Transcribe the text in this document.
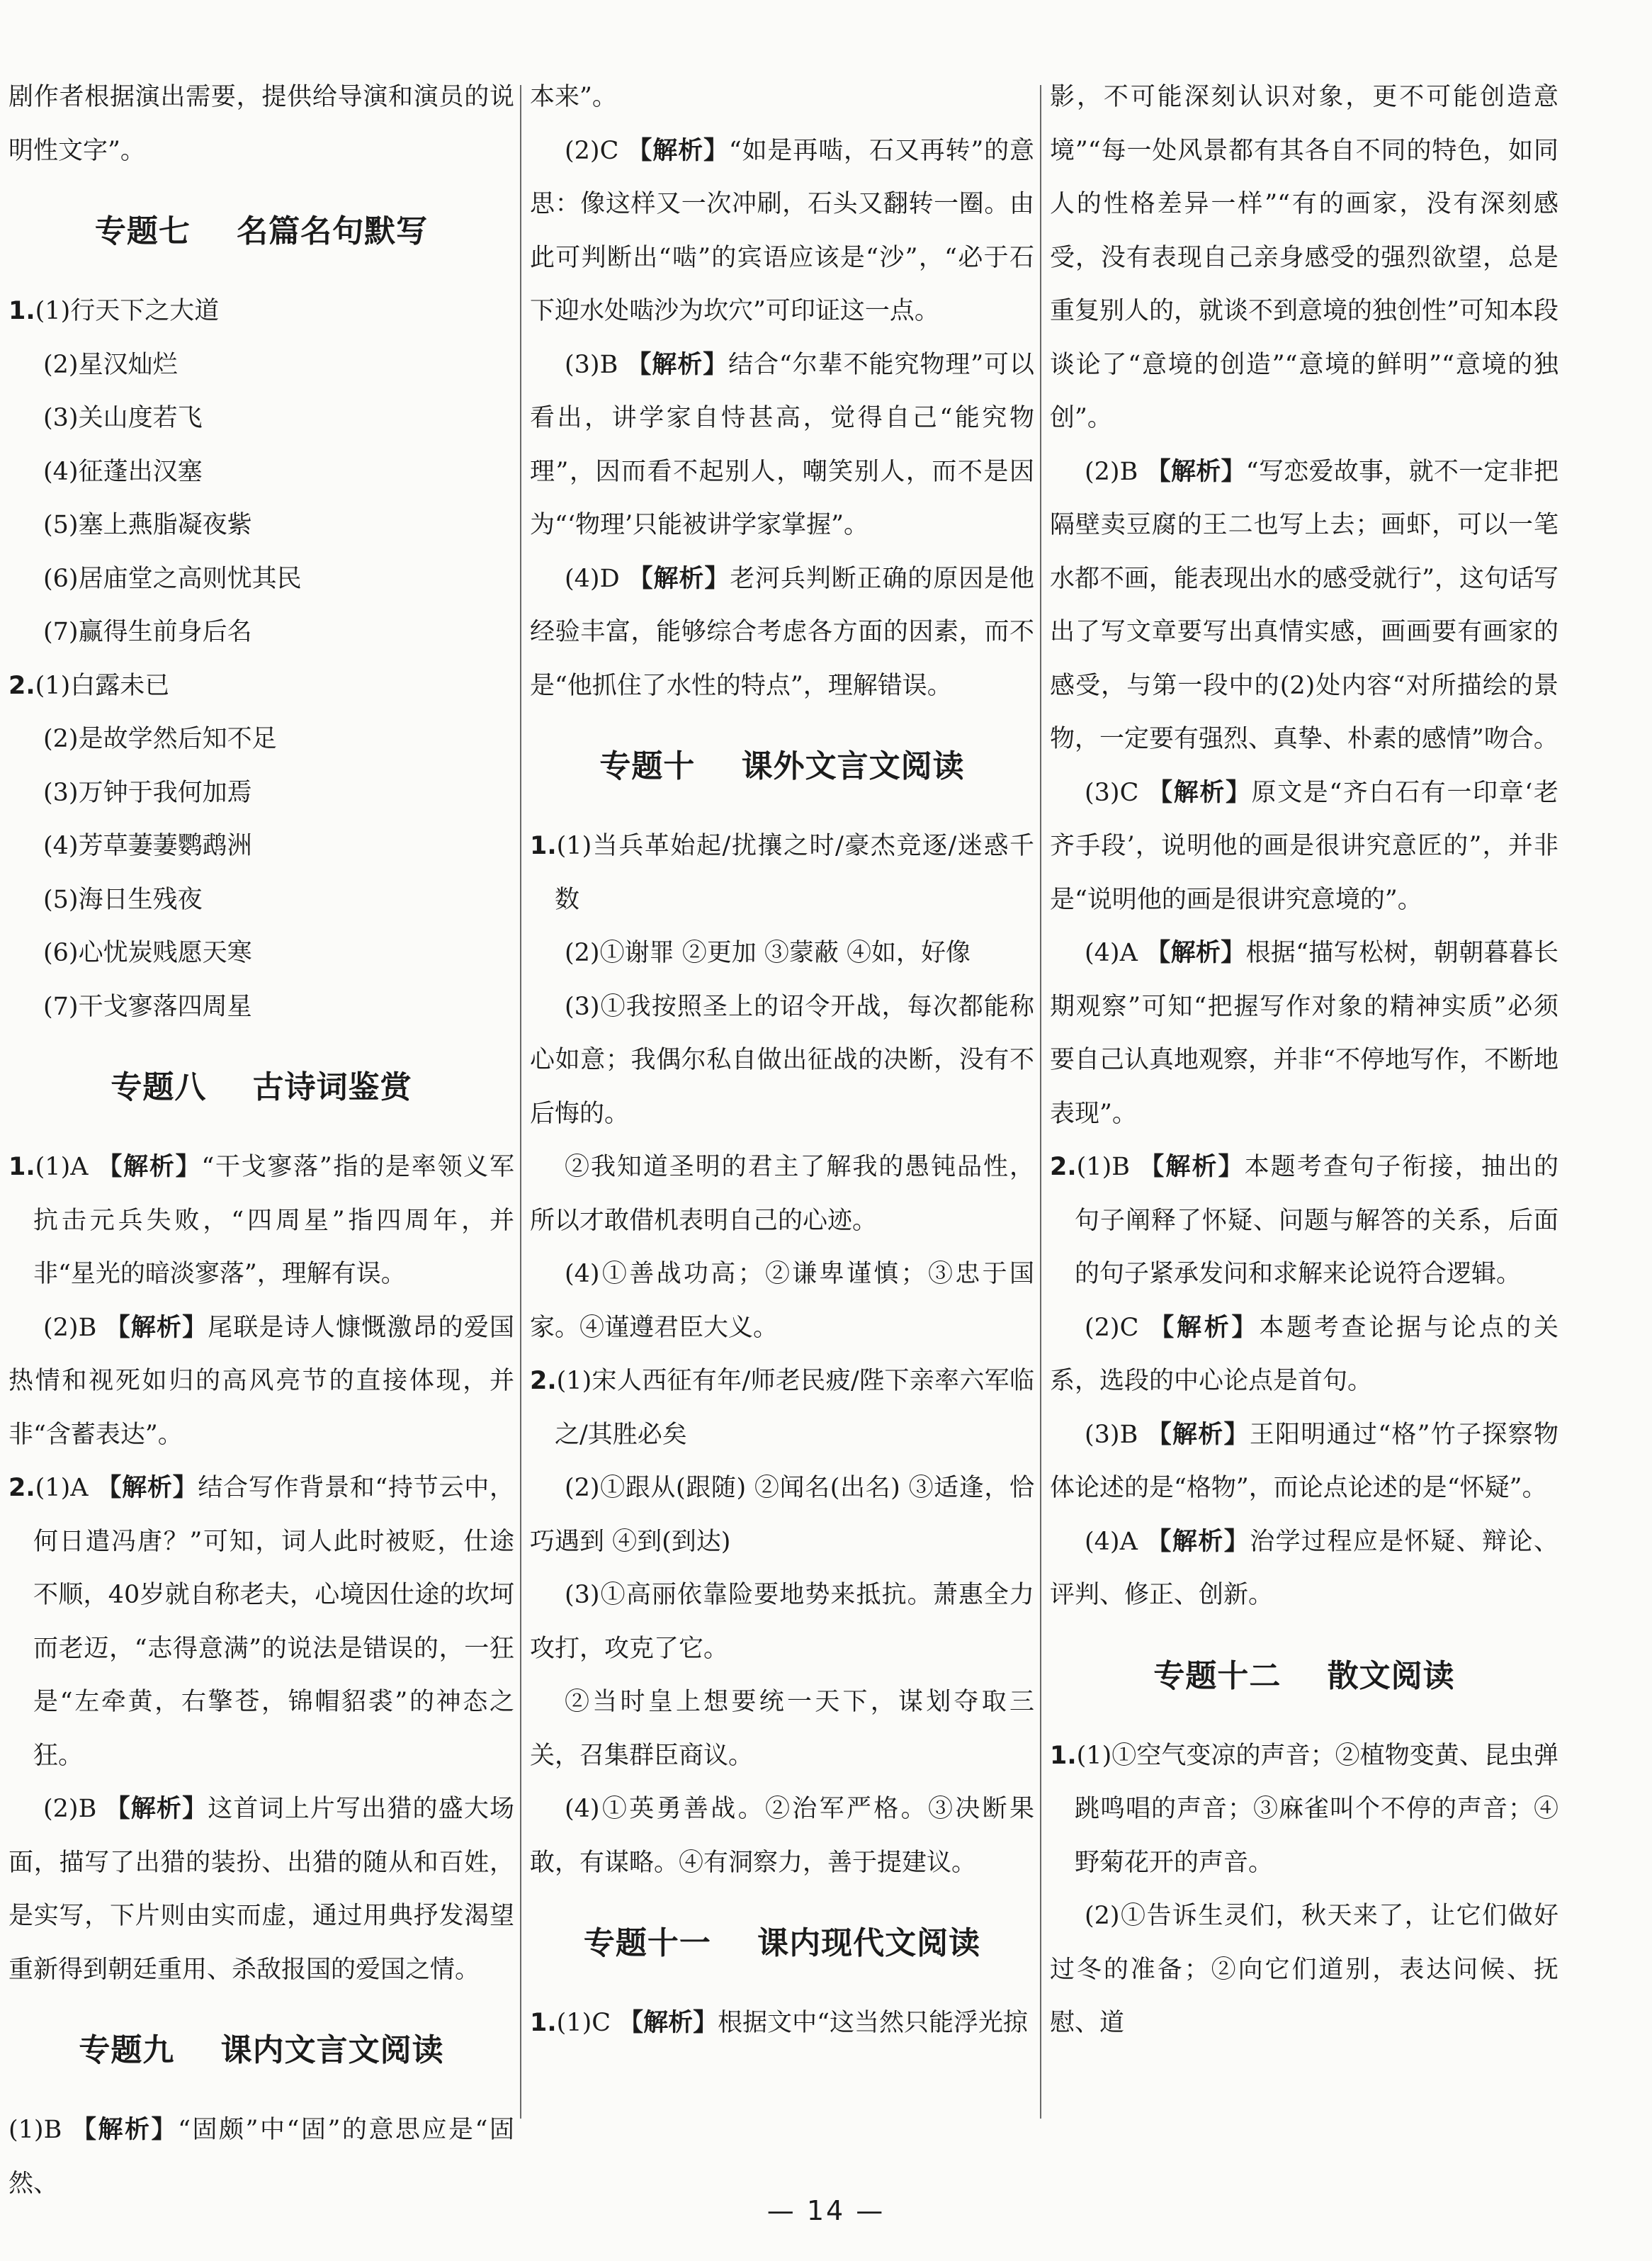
剧作者根据演出需要，提供给导演和演员的说明性文字”。

专题七    名篇名句默写

1.(1)行天下之大道

(2)星汉灿烂

(3)关山度若飞

(4)征蓬出汉塞

(5)塞上燕脂凝夜紫

(6)居庙堂之高则忧其民

(7)赢得生前身后名

2.(1)白露未已

(2)是故学然后知不足

(3)万钟于我何加焉

(4)芳草萋萋鹦鹉洲

(5)海日生残夜

(6)心忧炭贱愿天寒

(7)干戈寥落四周星

专题八    古诗词鉴赏

1.(1)A 【解析】“干戈寥落”指的是率领义军抗击元兵失败，“四周星”指四周年，并非“星光的暗淡寥落”，理解有误。

(2)B 【解析】尾联是诗人慷慨激昂的爱国热情和视死如归的高风亮节的直接体现，并非“含蓄表达”。

2.(1)A 【解析】结合写作背景和“持节云中，何日遣冯唐？”可知，词人此时被贬，仕途不顺，40岁就自称老夫，心境因仕途的坎坷而老迈，“志得意满”的说法是错误的，一狂是“左牵黄，右擎苍，锦帽貂裘”的神态之狂。

(2)B 【解析】这首词上片写出猎的盛大场面，描写了出猎的装扮、出猎的随从和百姓，是实写，下片则由实而虚，通过用典抒发渴望重新得到朝廷重用、杀敌报国的爱国之情。

专题九    课内文言文阅读

(1)B 【解析】“固颇”中“固”的意思应是“固然、

本来”。

(2)C 【解析】“如是再啮，石又再转”的意思：像这样又一次冲刷，石头又翻转一圈。由此可判断出“啮”的宾语应该是“沙”，“必于石下迎水处啮沙为坎穴”可印证这一点。

(3)B 【解析】结合“尔辈不能究物理”可以看出，讲学家自恃甚高，觉得自己“能究物理”，因而看不起别人，嘲笑别人，而不是因为“‘物理’只能被讲学家掌握”。

(4)D 【解析】老河兵判断正确的原因是他经验丰富，能够综合考虑各方面的因素，而不是“他抓住了水性的特点”，理解错误。

专题十    课外文言文阅读

1.(1)当兵革始起/扰攘之时/豪杰竞逐/迷惑千数

(2)①谢罪 ②更加 ③蒙蔽 ④如，好像

(3)①我按照圣上的诏令开战，每次都能称心如意；我偶尔私自做出征战的决断，没有不后悔的。

②我知道圣明的君主了解我的愚钝品性，所以才敢借机表明自己的心迹。

(4)①善战功高；②谦卑谨慎；③忠于国家。④谨遵君臣大义。

2.(1)宋人西征有年/师老民疲/陛下亲率六军临之/其胜必矣

(2)①跟从(跟随) ②闻名(出名) ③适逢，恰巧遇到 ④到(到达)

(3)①高丽依靠险要地势来抵抗。萧惠全力攻打，攻克了它。

②当时皇上想要统一天下，谋划夺取三关，召集群臣商议。

(4)①英勇善战。②治军严格。③决断果敢，有谋略。④有洞察力，善于提建议。

专题十一    课内现代文阅读

1.(1)C 【解析】根据文中“这当然只能浮光掠

影，不可能深刻认识对象，更不可能创造意境”“每一处风景都有其各自不同的特色，如同人的性格差异一样”“有的画家，没有深刻感受，没有表现自己亲身感受的强烈欲望，总是重复别人的，就谈不到意境的独创性”可知本段谈论了“意境的创造”“意境的鲜明”“意境的独创”。

(2)B 【解析】“写恋爱故事，就不一定非把隔壁卖豆腐的王二也写上去；画虾，可以一笔水都不画，能表现出水的感受就行”，这句话写出了写文章要写出真情实感，画画要有画家的感受，与第一段中的(2)处内容“对所描绘的景物，一定要有强烈、真挚、朴素的感情”吻合。

(3)C 【解析】原文是“齐白石有一印章‘老齐手段’，说明他的画是很讲究意匠的”，并非是“说明他的画是很讲究意境的”。

(4)A 【解析】根据“描写松树，朝朝暮暮长期观察”可知“把握写作对象的精神实质”必须要自己认真地观察，并非“不停地写作，不断地表现”。

2.(1)B 【解析】本题考查句子衔接，抽出的句子阐释了怀疑、问题与解答的关系，后面的句子紧承发问和求解来论说符合逻辑。

(2)C 【解析】本题考查论据与论点的关系，选段的中心论点是首句。

(3)B 【解析】王阳明通过“格”竹子探察物体论述的是“格物”，而论点论述的是“怀疑”。

(4)A 【解析】治学过程应是怀疑、辩论、评判、修正、创新。

专题十二    散文阅读

1.(1)①空气变凉的声音；②植物变黄、昆虫弹跳鸣唱的声音；③麻雀叫个不停的声音；④野菊花开的声音。

(2)①告诉生灵们，秋天来了，让它们做好过冬的准备；②向它们道别，表达问候、抚慰、道

— 14 —
